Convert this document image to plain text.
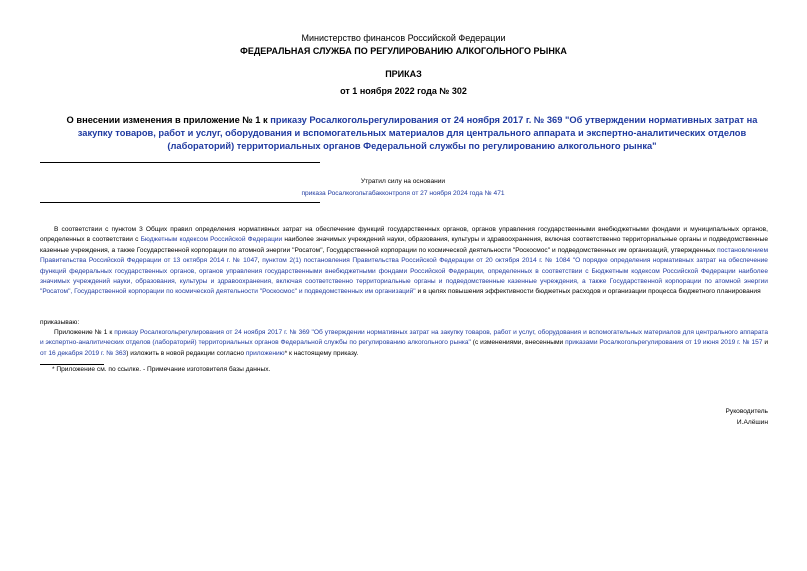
Министерство финансов Российской Федерации
ФЕДЕРАЛЬНАЯ СЛУЖБА ПО РЕГУЛИРОВАНИЮ АЛКОГОЛЬНОГО РЫНКА
ПРИКАЗ
от 1 ноября 2022 года № 302
О внесении изменения в приложение № 1 к приказу Росалкогольрегулирования от 24 ноября 2017 г. № 369 "Об утверждении нормативных затрат на закупку товаров, работ и услуг, оборудования и вспомогательных материалов для центрального аппарата и экспертно-аналитических отделов (лабораторий) территориальных органов Федеральной службы по регулированию алкогольного рынка"
Утратил силу на основании
приказа Росалкогольтабакконтроля от 27 ноября 2024 года № 471
В соответствии с пунктом 3 Общих правил определения нормативных затрат на обеспечение функций государственных органов, органов управления государственными внебюджетными фондами и муниципальных органов, определенных в соответствии с Бюджетным кодексом Российской Федерации наиболее значимых учреждений науки, образования, культуры и здравоохранения, включая соответственно территориальные органы и подведомственные казенные учреждения, а также Государственной корпорации по атомной энергии "Росатом", Государственной корпорации по космической деятельности "Роскосмос" и подведомственных им организаций, утвержденных постановлением Правительства Российской Федерации от 13 октября 2014 г. № 1047, пунктом 2(1) постановления Правительства Российской Федерации от 20 октября 2014 г. № 1084 "О порядке определения нормативных затрат на обеспечение функций федеральных государственных органов, органов управления государственными внебюджетными фондами Российской Федерации, определенных в соответствии с Бюджетным кодексом Российской Федерации наиболее значимых учреждений науки, образования, культуры и здравоохранения, включая соответственно территориальные органы и подведомственные казенные учреждения, а также Государственной корпорации по атомной энергии "Росатом", Государственной корпорации по космической деятельности "Роскосмос" и подведомственных им организаций" и в целях повышения эффективности бюджетных расходов и организации процесса бюджетного планирования
приказываю:
Приложение № 1 к приказу Росалкогольрегулирования от 24 ноября 2017 г. № 369 "Об утверждении нормативных затрат на закупку товаров, работ и услуг, оборудования и вспомогательных материалов для центрального аппарата и экспертно-аналитических отделов (лабораторий) территориальных органов Федеральной службы по регулированию алкогольного рынка" (с изменениями, внесенными приказами Росалкогольрегулирования от 19 июня 2019 г. № 157 и от 16 декабря 2019 г. № 363) изложить в новой редакции согласно приложению* к настоящему приказу.
* Приложение см. по ссылке. - Примечание изготовителя базы данных.
Руководитель
И.Алёшин
